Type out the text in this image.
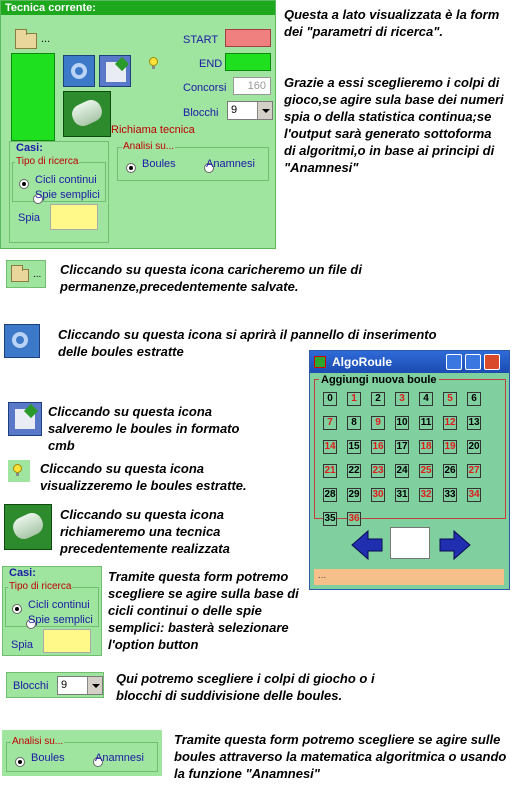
Tecnica corrente:
...
Richiama tecnica
START
END
Concorsi 160
Blocchi 9
Casi:
Tipo di ricerca

Cicli continui
Spie semplici
Spia
Analisi su...

Boules	Anamnesi
Questa a lato visualizzata è la form dei "parametri di ricerca".
Grazie a essi sceglieremo i colpi di gioco,se agire sula base dei numeri spia o della statistica continua;se l'output sarà generato sottoforma di algoritmi,o in base ai principi di "Anamnesi"
... Cliccando su questa icona caricheremo un file di permanenze,precedentemente salvate.
Cliccando su questa icona si aprirà il pannello di inserimento delle boules estratte
AlgoRoule
Aggiungi nuova boule
0	1	2	3	4	5	6
7	8	9	10 11 12 13
14 15 16 17 18 19 20
21 22 23 24 25 26 27
28 29 30 31 32 33 34
35 36
...
Cliccando su questa icona salveremo le boules in formato cmb
Cliccando su questa icona visualizzeremo le boules estratte.
Cliccando su questa icona richiameremo una tecnica precedentemente realizzata
Casi:
Tipo di ricerca

Cicli continui
Spie semplici
Spia
Tramite questa form potremo scegliere se agire sulla base di cicli continui o delle spie semplici: basterà selezionare l'option button
Blocchi 9	Qui potremo scegliere i colpi di giocho o i blocchi di suddivisione delle boules.
Analisi su...

Boules	Anamnesi
Tramite questa form potremo scegliere se agire sulle boules attraverso la matematica algoritmica o usando la funzione "Anamnesi"
